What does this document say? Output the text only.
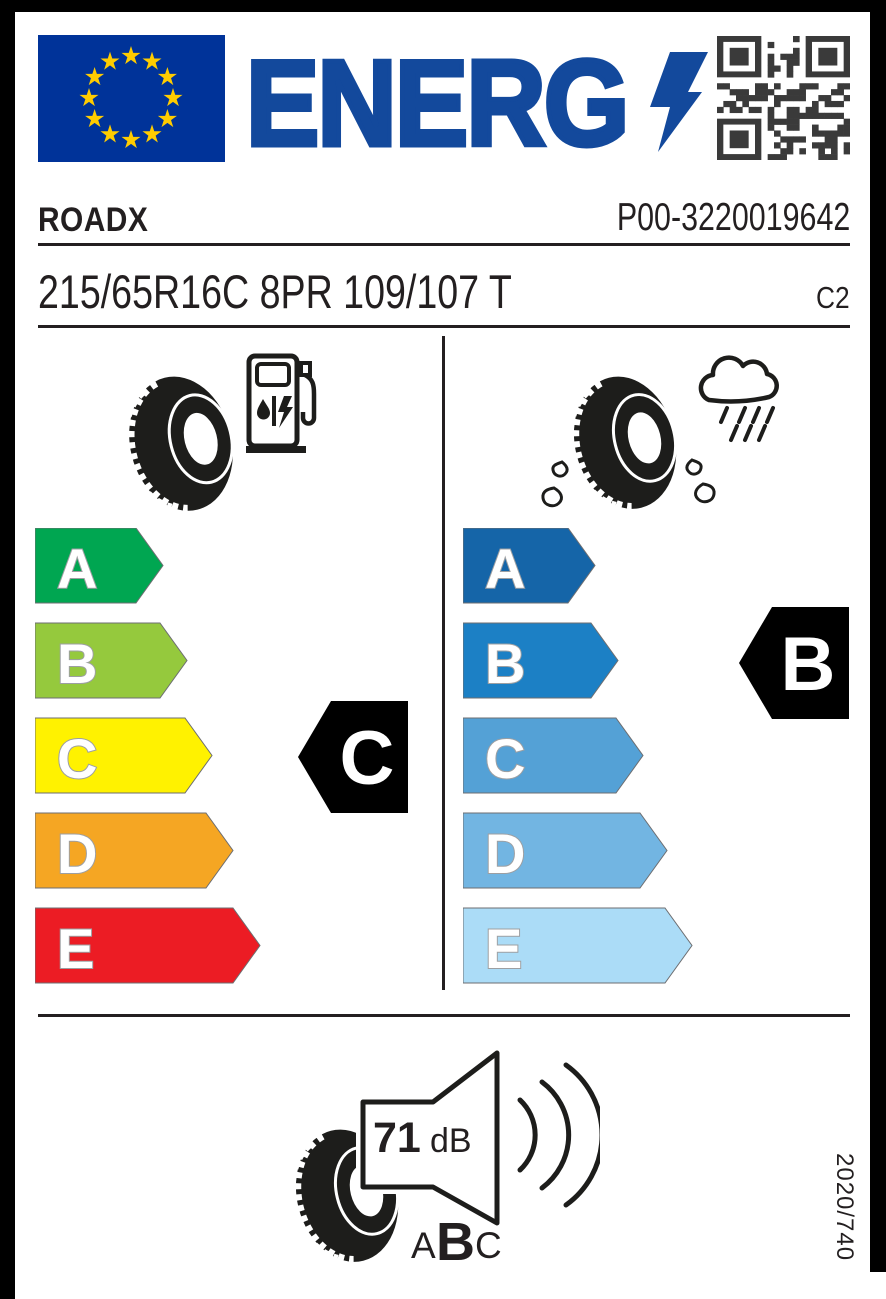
ENERG
ROADX	P00-3220019642
215/65R16C 8PR 109/107 T	C2
A
B
C
D
E
C
A
B
C
D
E
B
71 dB
A B C	2020/740
